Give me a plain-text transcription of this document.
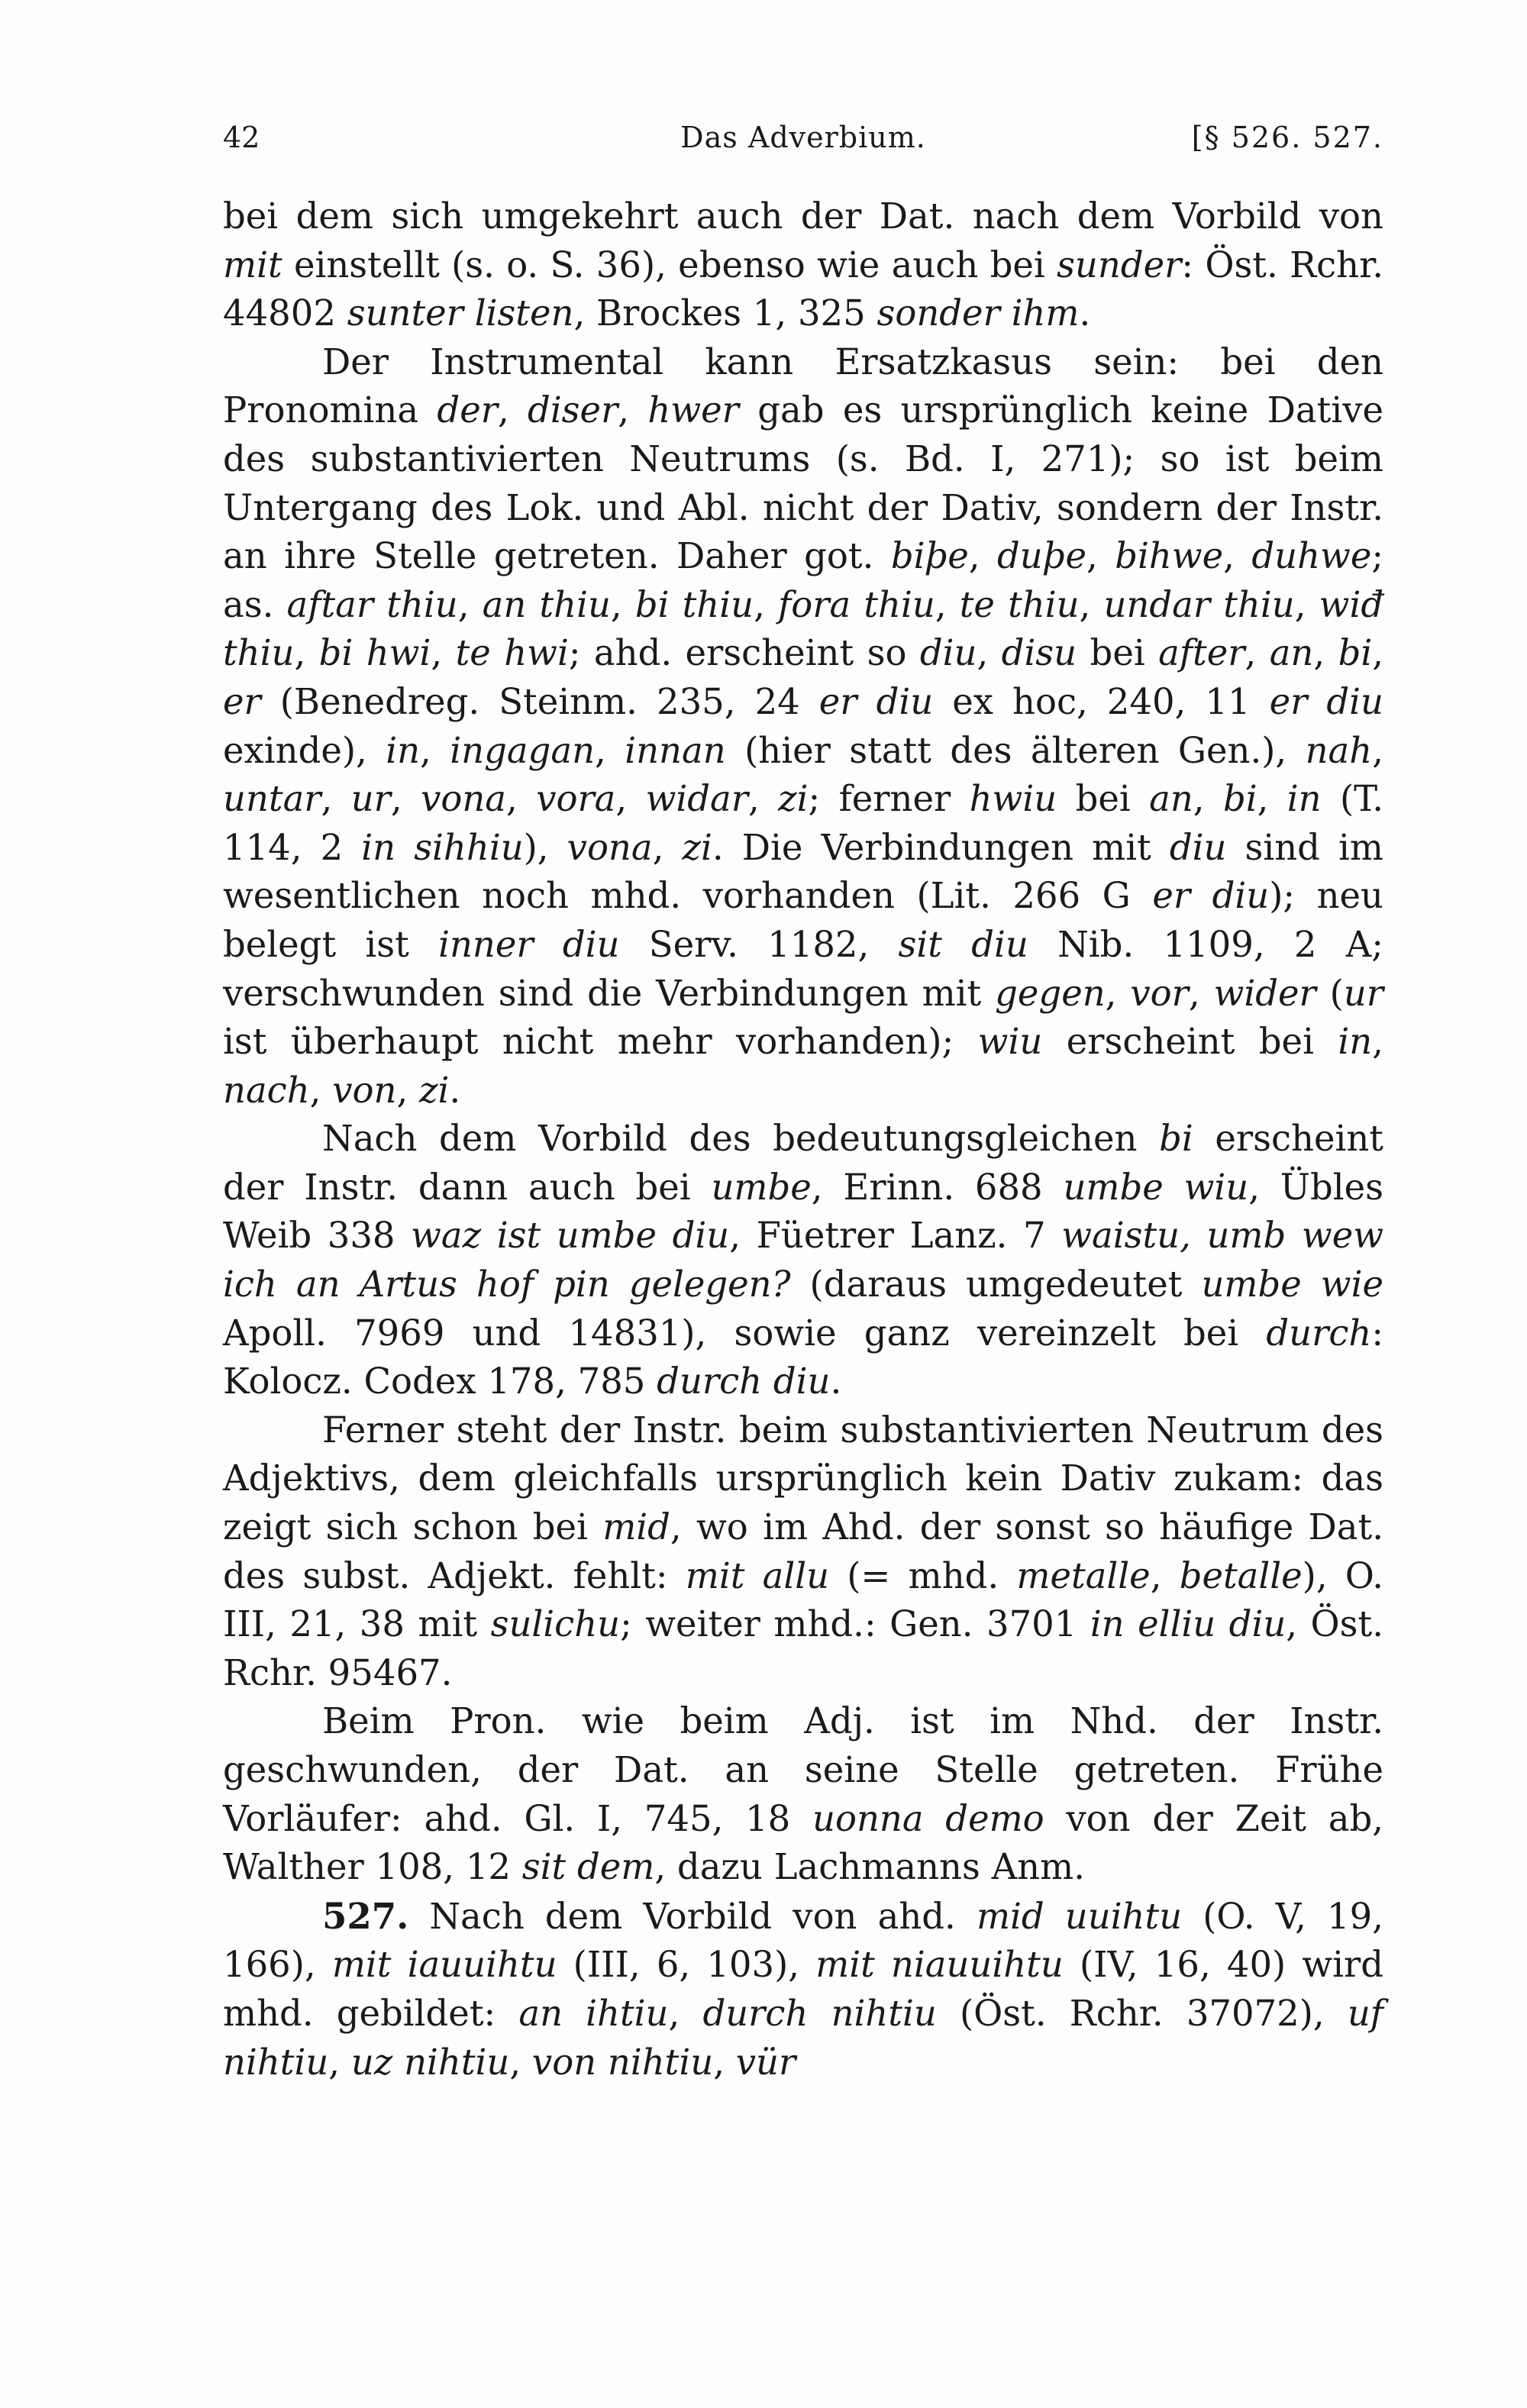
42	Das Adverbium.	[§ 526. 527.

bei dem sich umgekehrt auch der Dat. nach dem Vorbild von mit einstellt (s. o. S. 36), ebenso wie auch bei sunder: Öst. Rchr. 44802 sunter listen, Brockes 1, 325 sonder ihm.

Der Instrumental kann Ersatzkasus sein: bei den Pronomina der, diser, hwer gab es ursprünglich keine Dative des substantivierten Neutrums (s. Bd. I, 271); so ist beim Untergang des Lok. und Abl. nicht der Dativ, sondern der Instr. an ihre Stelle getreten. Daher got. biþe, duþe, bihwe, duhwe; as. aftar thiu, an thiu, bi thiu, fora thiu, te thiu, undar thiu, wiđ thiu, bi hwi, te hwi; ahd. erscheint so diu, disu bei after, an, bi, er (Benedreg. Steinm. 235, 24 er diu ex hoc, 240, 11 er diu exinde), in, ingagan, innan (hier statt des älteren Gen.), nah, untar, ur, vona, vora, widar, zi; ferner hwiu bei an, bi, in (T. 114, 2 in sihhiu), vona, zi. Die Verbindungen mit diu sind im wesentlichen noch mhd. vorhanden (Lit. 266 G er diu); neu belegt ist inner diu Serv. 1182, sit diu Nib. 1109, 2 A; verschwunden sind die Verbindungen mit gegen, vor, wider (ur ist überhaupt nicht mehr vorhanden); wiu erscheint bei in, nach, von, zi.

Nach dem Vorbild des bedeutungsgleichen bi erscheint der Instr. dann auch bei umbe, Erinn. 688 umbe wiu, Übles Weib 338 waz ist umbe diu, Füetrer Lanz. 7 waistu, umb wew ich an Artus hof pin gelegen? (daraus umgedeutet umbe wie Apoll. 7969 und 14831), sowie ganz vereinzelt bei durch: Kolocz. Codex 178, 785 durch diu.

Ferner steht der Instr. beim substantivierten Neutrum des Adjektivs, dem gleichfalls ursprünglich kein Dativ zukam: das zeigt sich schon bei mid, wo im Ahd. der sonst so häufige Dat. des subst. Adjekt. fehlt: mit allu (= mhd. metalle, betalle), O. III, 21, 38 mit sulichu; weiter mhd.: Gen. 3701 in elliu diu, Öst. Rchr. 95467.

Beim Pron. wie beim Adj. ist im Nhd. der Instr. geschwunden, der Dat. an seine Stelle getreten. Frühe Vorläufer: ahd. Gl. I, 745, 18 uonna demo von der Zeit ab, Walther 108, 12 sit dem, dazu Lachmanns Anm.

527. Nach dem Vorbild von ahd. mid uuihtu (O. V, 19, 166), mit iauuihtu (III, 6, 103), mit niauuihtu (IV, 16, 40) wird mhd. gebildet: an ihtiu, durch nihtiu (Öst. Rchr. 37072), uf nihtiu, uz nihtiu, von nihtiu, vür
